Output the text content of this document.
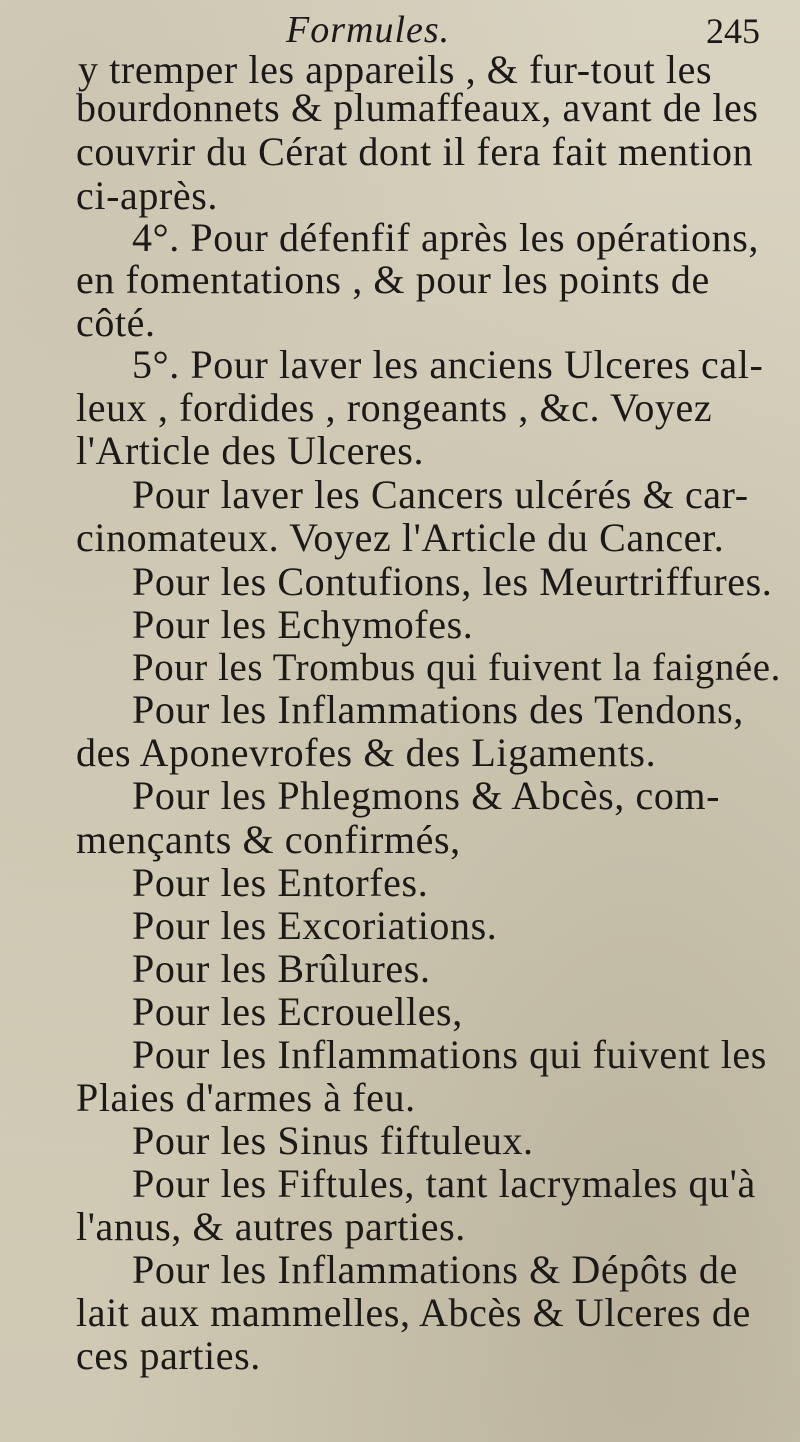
Formules.	245
y tremper les appareils , & fur-tout les
bourdonnets & plumaffeaux, avant de les
couvrir du Cérat dont il fera fait mention
ci-après.
4°. Pour défenfif après les opérations,
en fomentations , & pour les points de
côté.
5°. Pour laver les anciens Ulceres cal-
leux , fordides , rongeants , &c. Voyez
l'Article des Ulceres.
Pour laver les Cancers ulcérés & car-
cinomateux. Voyez l'Article du Cancer.
Pour les Contufions, les Meurtriffures.
Pour les Echymofes.
Pour les Trombus qui fuivent la faignée.
Pour les Inflammations des Tendons,
des Aponevrofes & des Ligaments.
Pour les Phlegmons & Abcès, com-
mençants & confirmés,
Pour les Entorfes.
Pour les Excoriations.
Pour les Brûlures.
Pour les Ecrouelles,
Pour les Inflammations qui fuivent les
Plaies d'armes à feu.
Pour les Sinus fiftuleux.
Pour les Fiftules, tant lacrymales qu'à
l'anus, & autres parties.
Pour les Inflammations & Dépôts de
lait aux mammelles, Abcès & Ulceres de
ces parties.
